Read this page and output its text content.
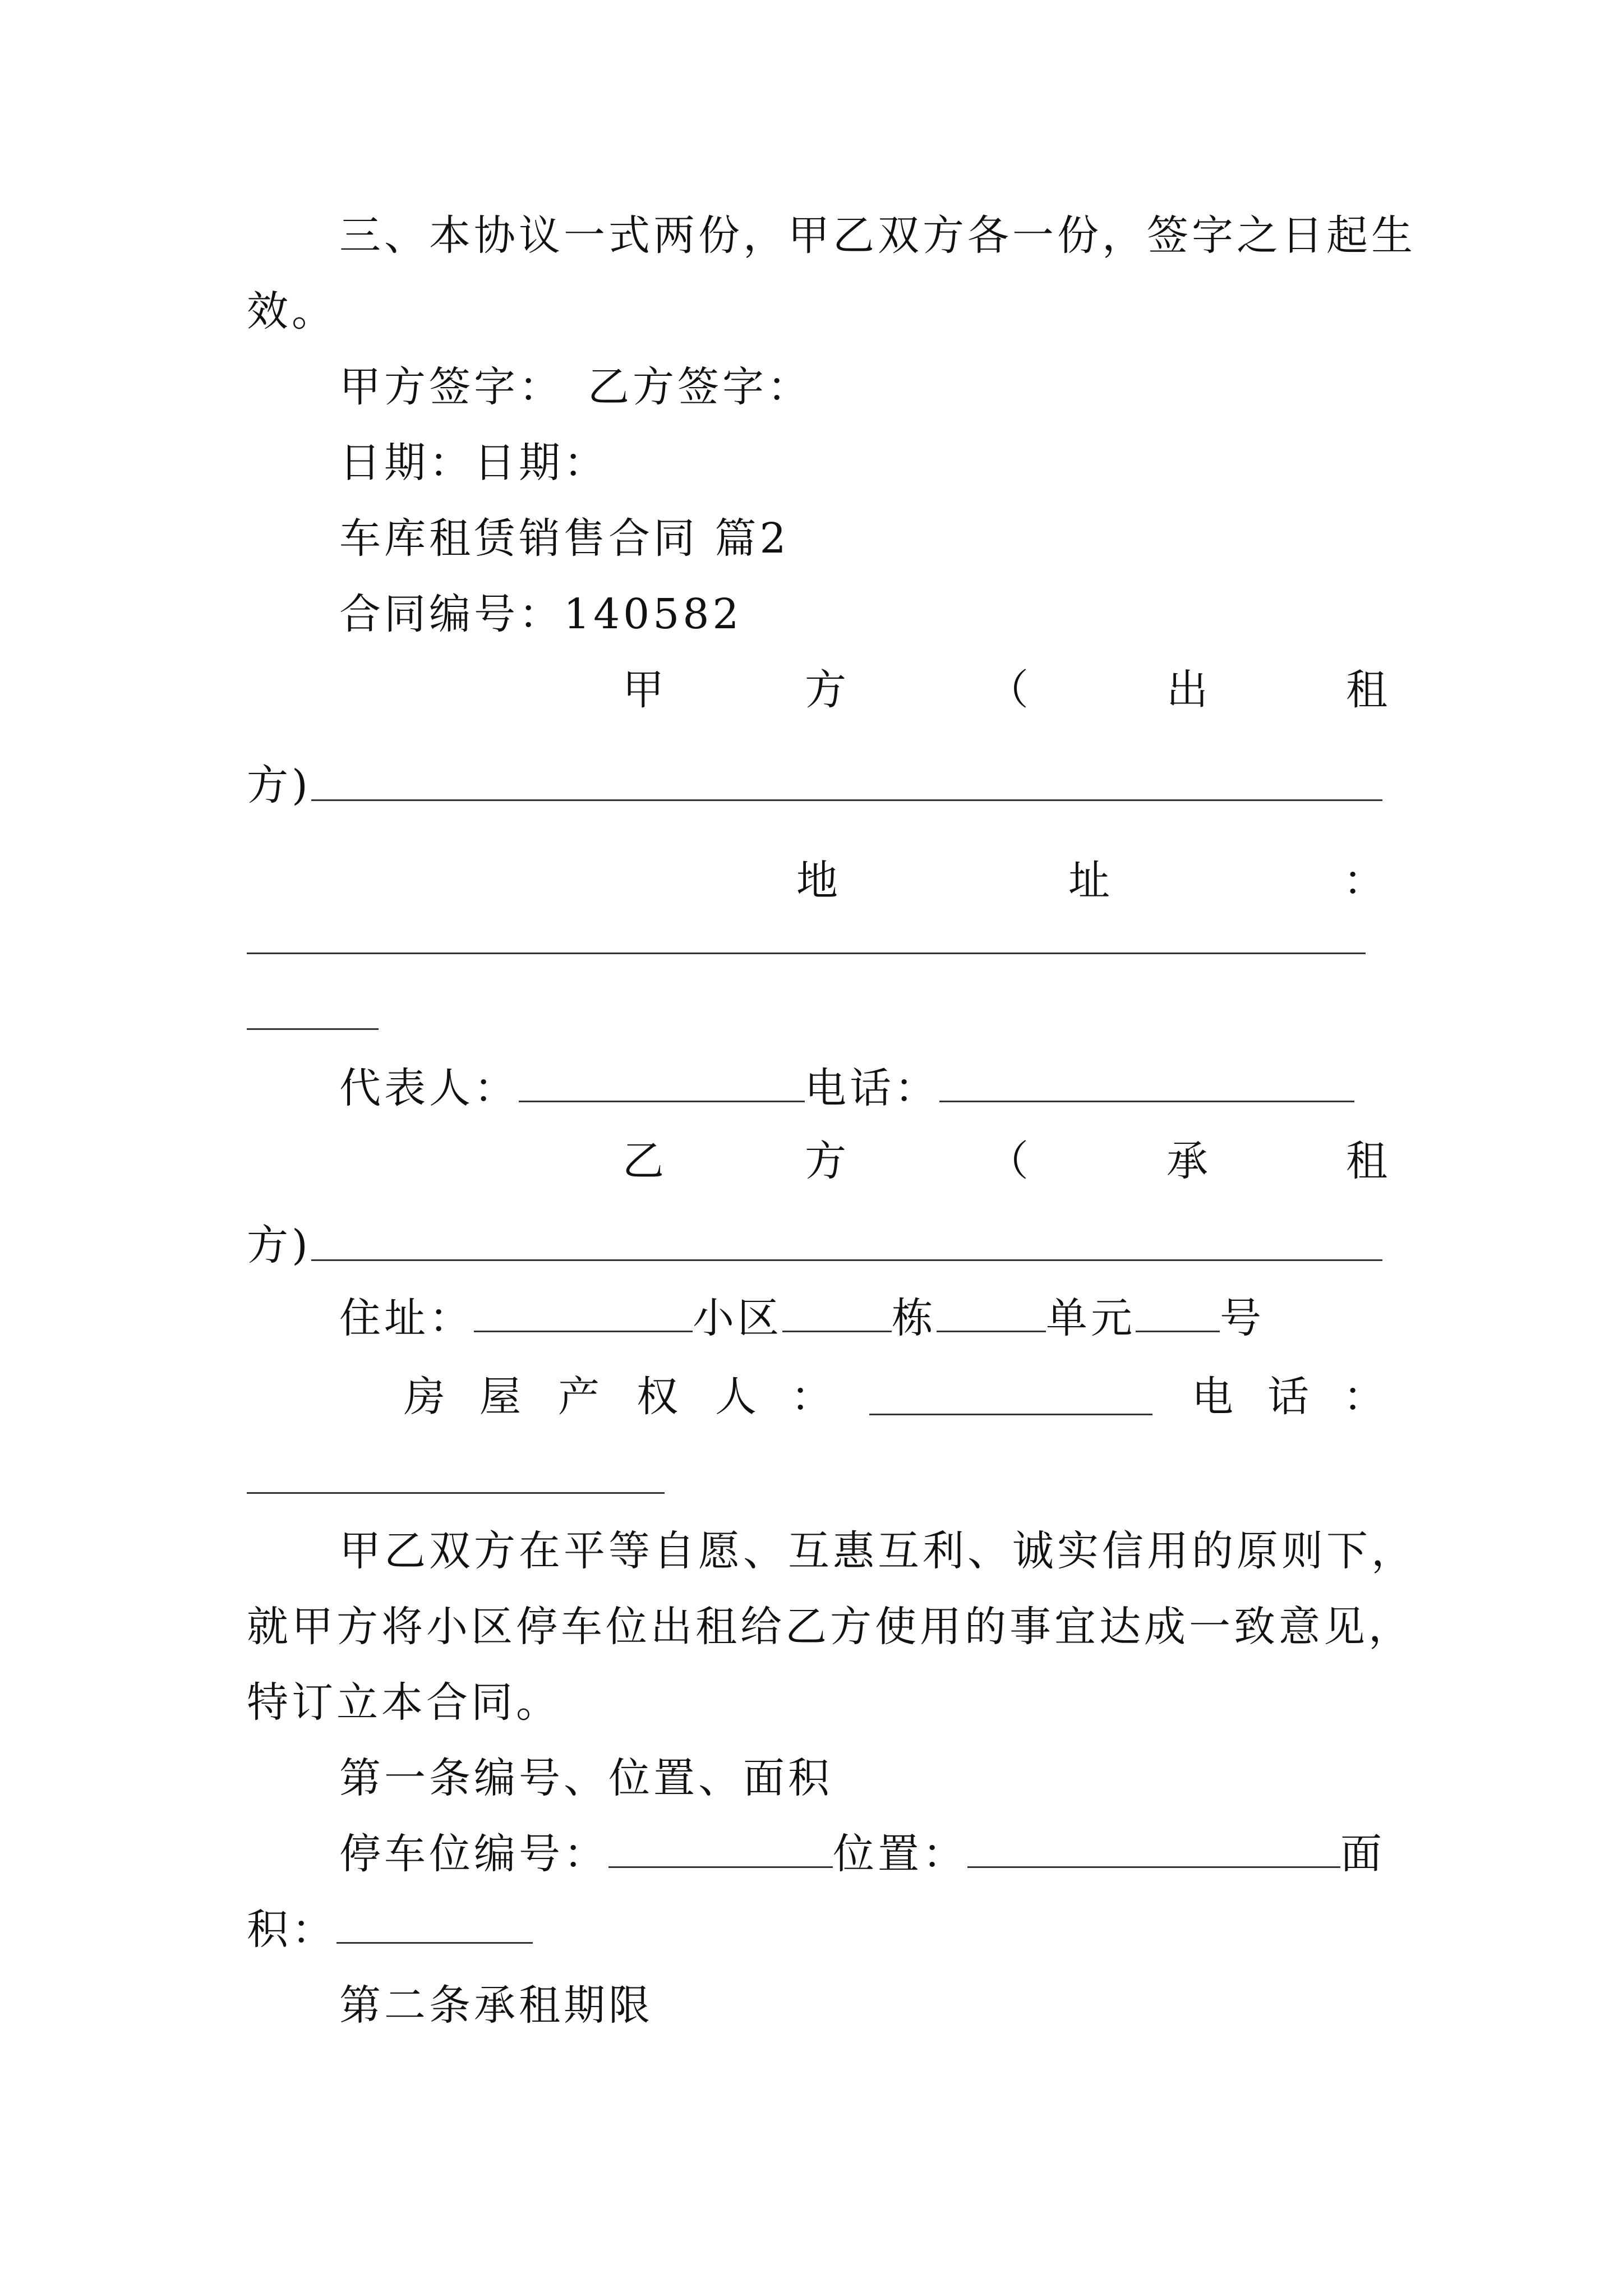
三、本协议一式两份，甲乙双方各一份，签字之日起生
效。
甲方签字：　乙方签字：
日期：日期：
车库租赁销售合同 篇2
合同编号：140582
甲	方	（	出	租
方)
地	址	：
代表人：	电话：
乙	方	（	承	租
方)
住址：	小区	栋	单元 号
房 屋 产 权 人 ：	电 话 ：
甲乙双方在平等自愿、互惠互利、诚实信用的原则下，
就甲方将小区停车位出租给乙方使用的事宜达成一致意见，
特订立本合同。
第一条编号、位置、面积
停车位编号：	位置：	面
积：
第二条承租期限
